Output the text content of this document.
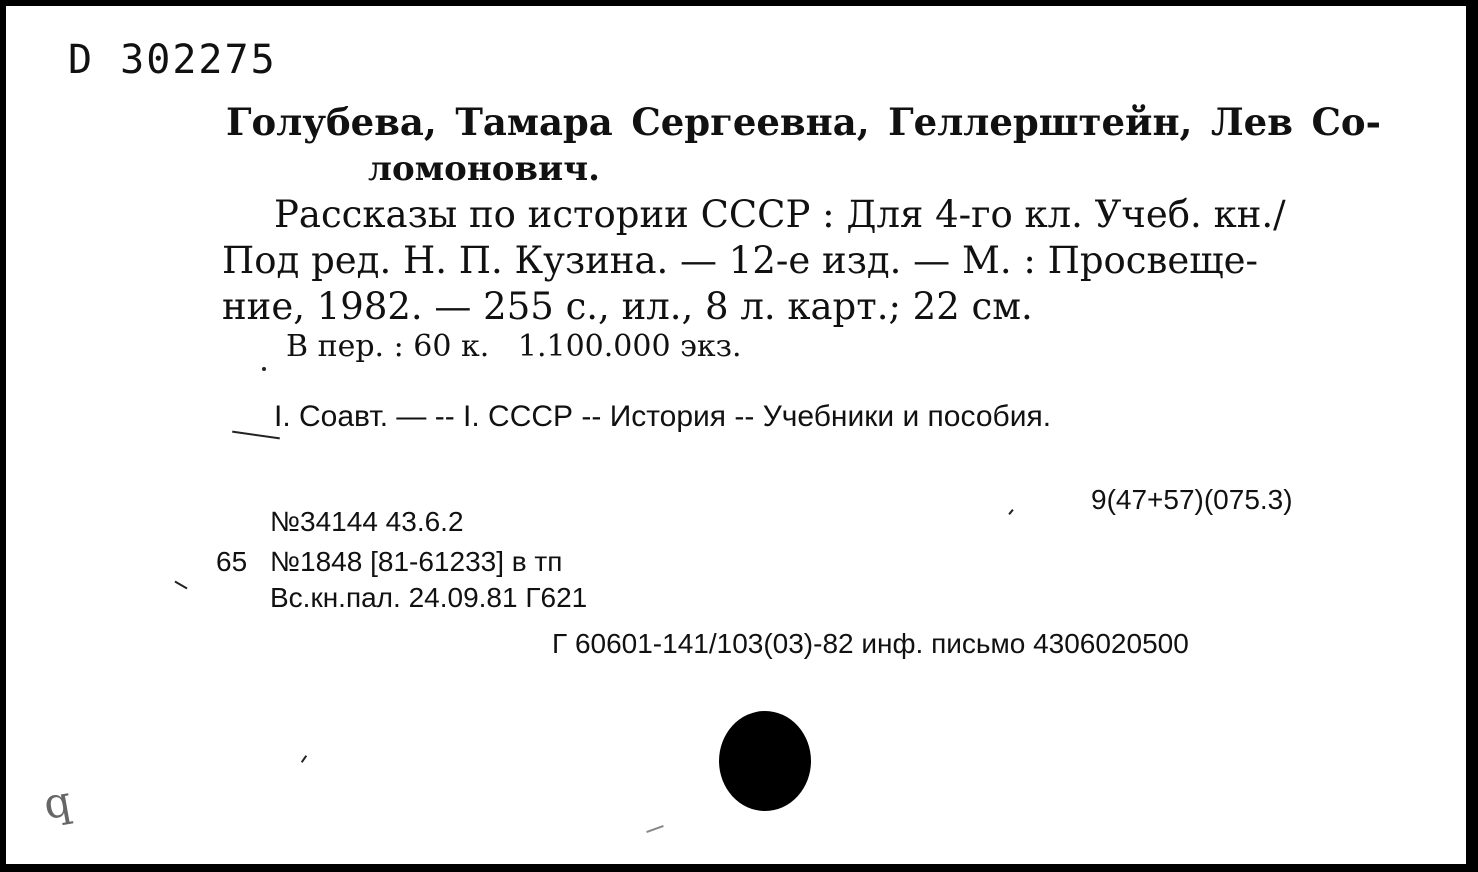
D 302275
Голубева, Тамара Сергеевна, Геллерштейн, Лев Со-
ломонович.
Рассказы по истории СССР : Для 4-го кл. Учеб. кн./
Под ред. Н. П. Кузина. — 12-е изд. — М. : Просвеще-
ние, 1982. — 255 с., ил., 8 л. карт.; 22 см.
В пер. : 60 к.   1.100.000 экз.
I. Соавт. — -- I. СССР -- История -- Учебники и пособия.
9(47+57)(075.3)
№34144 43.6.2
65 №1848 [81-61233] в тп
Вс.кн.пал. 24.09.81 Г621
Г 60601-141/103(03)-82 инф. письмо 4306020500
q
